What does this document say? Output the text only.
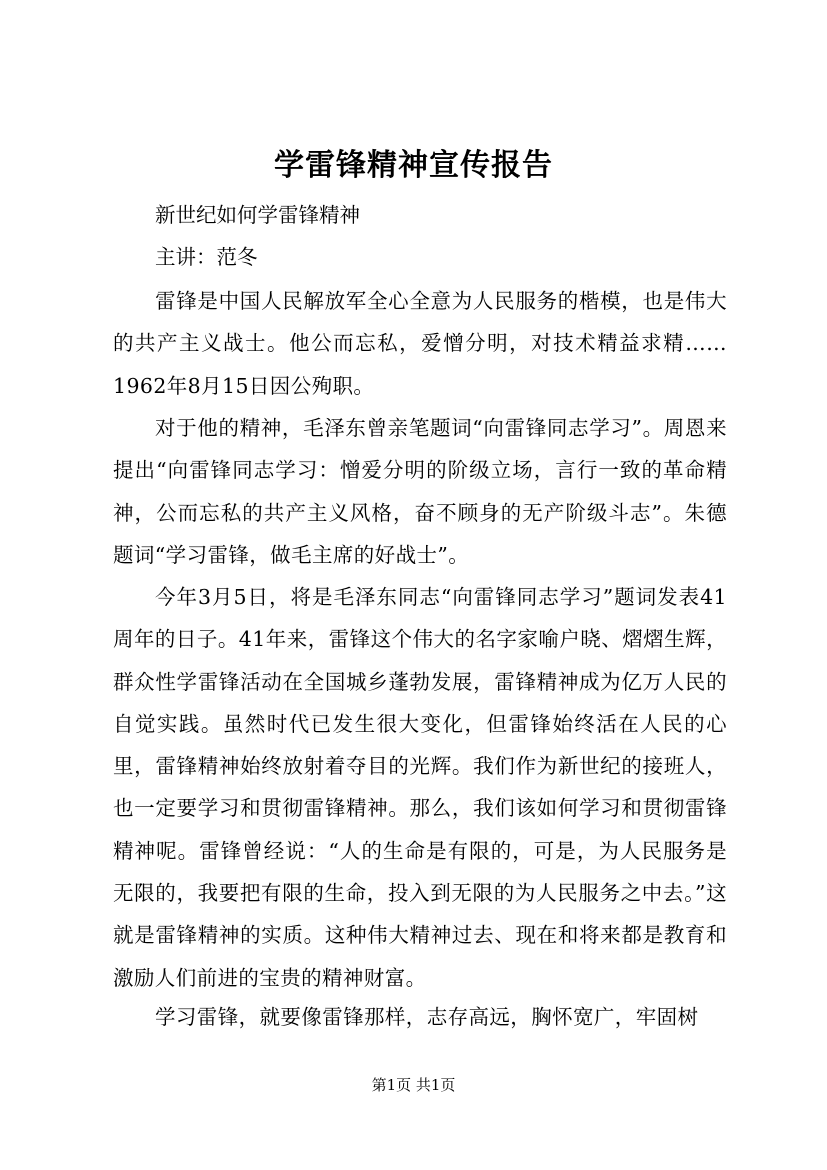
学雷锋精神宣传报告
新世纪如何学雷锋精神
主讲：范冬

雷锋是中国人民解放军全心全意为人民服务的楷模，也是伟大的共产主义战士。他公而忘私，爱憎分明，对技术精益求精……1962年8月15日因公殉职。

对于他的精神，毛泽东曾亲笔题词“向雷锋同志学习”。周恩来提出“向雷锋同志学习：憎爱分明的阶级立场，言行一致的革命精神，公而忘私的共产主义风格，奋不顾身的无产阶级斗志”。朱德题词“学习雷锋，做毛主席的好战士”。

今年3月5日，将是毛泽东同志“向雷锋同志学习”题词发表41周年的日子。41年来，雷锋这个伟大的名字家喻户晓、熠熠生辉，群众性学雷锋活动在全国城乡蓬勃发展，雷锋精神成为亿万人民的自觉实践。虽然时代已发生很大变化，但雷锋始终活在人民的心里，雷锋精神始终放射着夺目的光辉。我们作为新世纪的接班人，也一定要学习和贯彻雷锋精神。那么，我们该如何学习和贯彻雷锋精神呢。雷锋曾经说：“人的生命是有限的，可是，为人民服务是无限的，我要把有限的生命，投入到无限的为人民服务之中去。”这就是雷锋精神的实质。这种伟大精神过去、现在和将来都是教育和激励人们前进的宝贵的精神财富。

学习雷锋，就要像雷锋那样，志存高远，胸怀宽广，牢固树

第1页 共1页
